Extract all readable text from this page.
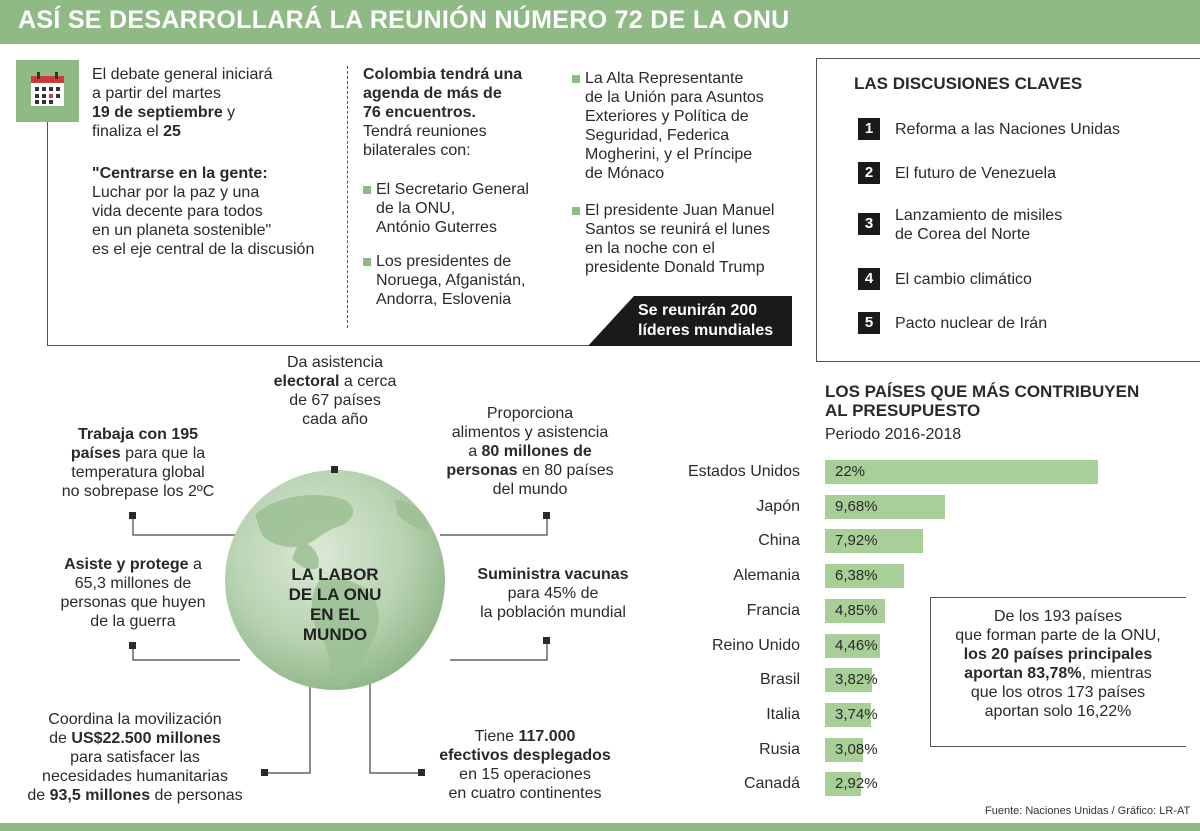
ASÍ SE DESARROLLARÁ LA REUNIÓN NÚMERO 72 DE LA ONU
El debate general iniciará
a partir del martes
19 de septiembre y
finaliza el 25
"Centrarse en la gente:
Luchar por la paz y una
vida decente para todos
en un planeta sostenible"
es el eje central de la discusión
Colombia tendrá una
agenda de más de
76 encuentros.
Tendrá reuniones
bilaterales con:
El Secretario General
de la ONU,
António Guterres
Los presidentes de
Noruega, Afganistán,
Andorra, Eslovenia
La Alta Representante
de la Unión para Asuntos
Exteriores y Política de
Seguridad, Federica
Mogherini, y el Príncipe
de Mónaco
El presidente Juan Manuel
Santos se reunirá el lunes
en la noche con el
presidente Donald Trump
Se reunirán 200
líderes mundiales
LAS DISCUSIONES CLAVES
1	Reforma a las Naciones Unidas
2	El futuro de Venezuela
3	Lanzamiento de misiles
de Corea del Norte
4	El cambio climático
5	Pacto nuclear de Irán
LA LABOR
DE LA ONU
EN EL MUNDO
Da asistencia
electoral a cerca
de 67 países
cada año
Trabaja con 195
países para que la
temperatura global
no sobrepase los 2ºC
Proporciona
alimentos y asistencia
a 80 millones de
personas en 80 países
del mundo
Asiste y protege a
65,3 millones de
personas que huyen
de la guerra
Suministra vacunas
para 45% de
la población mundial
Coordina la movilización
de US$22.500 millones
para satisfacer las
necesidades humanitarias
de 93,5 millones de personas
Tiene 117.000
efectivos desplegados
en 15 operaciones
en cuatro continentes
LOS PAÍSES QUE MÁS CONTRIBUYEN
AL PRESUPUESTO
Periodo 2016-2018
Estados Unidos 22%
Japón 9,68%
China 7,92%
Alemania 6,38%
Francia 4,85%
Reino Unido 4,46%
Brasil 3,82%
Italia 3,74%
Rusia 3,08%
Canadá 2,92%
De los 193 países
que forman parte de la ONU,
los 20 países principales
aportan 83,78%, mientras
que los otros 173 países
aportan solo 16,22%
Fuente: Naciones Unidas / Gráfico: LR-AT
